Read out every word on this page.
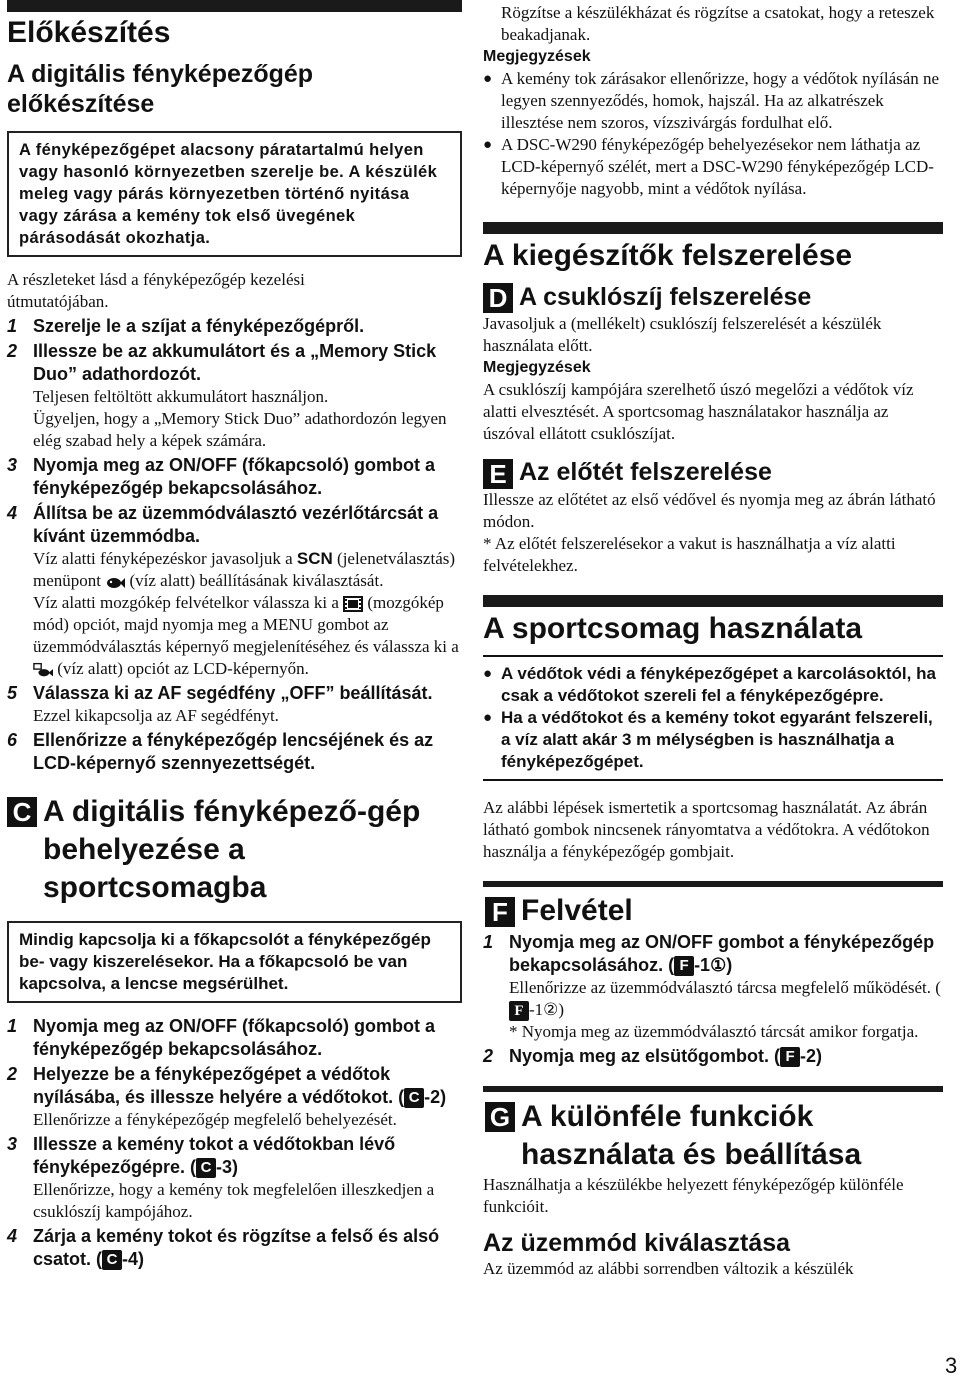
Előkészítés
A digitális fényképezőgép előkészítése
A fényképezőgépet alacsony páratartalmú helyen vagy hasonló környezetben szerelje be. A készülék meleg vagy párás környezetben történő nyitása vagy zárása a kemény tok első üvegének párásodását okozhatja.
A részleteket lásd a fényképezőgép kezelési útmutatójában.
1 Szerelje le a szíjat a fényképezőgépről.
2 Illessze be az akkumulátort és a „Memory Stick Duo” adathordozót.
Teljesen feltöltött akkumulátort használjon.
Ügyeljen, hogy a „Memory Stick Duo” adathordozón legyen elég szabad hely a képek számára.
3 Nyomja meg az ON/OFF (főkapcsoló) gombot a fényképezőgép bekapcsolásához.
4 Állítsa be az üzemmódválasztó vezérlőtárcsát a kívánt üzemmódba.
Víz alatti fényképezéskor javasoljuk a SCN (jelenetválasztás) menüpont (víz alatt) beállításának kiválasztását.
Víz alatti mozgókép felvételkor válassza ki a (mozgókép mód) opciót, majd nyomja meg a MENU gombot az üzemmódválasztás képernyő megjelenítéséhez és válassza ki a  (víz alatt) opciót az LCD-képernyőn.
5 Válassza ki az AF segédfény „OFF” beállítását.
Ezzel kikapcsolja az AF segédfényt.
6 Ellenőrizze a fényképezőgép lencséjének és az LCD-képernyő szennyezettségét.
C A digitális fényképező-gép behelyezése a sportcsomagba
Mindig kapcsolja ki a főkapcsolót a fényképezőgép be- vagy kiszerelésekor. Ha a főkapcsoló be van kapcsolva, a lencse megsérülhet.
1 Nyomja meg az ON/OFF (főkapcsoló) gombot a fényképezőgép bekapcsolásához.
2 Helyezze be a fényképezőgépet a védőtok nyílásába, és illessze helyére a védőtokot. ( C -2)
Ellenőrizze a fényképezőgép megfelelő behelyezését.
3 Illessze a kemény tokot a védőtokban lévő fényképezőgépre. ( C -3)
Ellenőrizze, hogy a kemény tok megfelelően illeszkedjen a csuklószíj kampójához.
4 Zárja a kemény tokot és rögzítse a felső és alsó csatot. ( C -4)
Rögzítse a készülékházat és rögzítse a csatokat, hogy a reteszek beakadjanak.
Megjegyzések
● A kemény tok zárásakor ellenőrizze, hogy a védőtok nyílásán ne legyen szennyeződés, homok, hajszál. Ha az alkatrészek illesztése nem szoros, vízszivárgás fordulhat elő.
● A DSC-W290 fényképezőgép behelyezésekor nem láthatja az LCD-képernyő szélét, mert a DSC-W290 fényképezőgép LCD-képernyője nagyobb, mint a védőtok nyílása.
A kiegészítők felszerelése
D A csuklószíj felszerelése
Javasoljuk a (mellékelt) csuklószíj felszerelését a készülék használata előtt.
Megjegyzések
A csuklószíj kampójára szerelhető úszó megelőzi a védőtok víz alatti elvesztését. A sportcsomag használatakor használja az úszóval ellátott csuklószíjat.
E Az előtét felszerelése
Illessze az előtétet az első védővel és nyomja meg az ábrán látható módon.
* Az előtét felszerelésekor a vakut is használhatja a víz alatti felvételekhez.
A sportcsomag használata
● A védőtok védi a fényképezőgépet a karcolásoktól, ha csak a védőtokot szereli fel a fényképezőgépre.
● Ha a védőtokot és a kemény tokot egyaránt felszereli, a víz alatt akár 3 m mélységben is használhatja a fényképezőgépet.
Az alábbi lépések ismertetik a sportcsomag használatát. Az ábrán látható gombok nincsenek rányomtatva a védőtokra. A védőtokon használja a fényképezőgép gombjait.
F Felvétel
1 Nyomja meg az ON/OFF gombot a fényképezőgép bekapcsolásához. ( F -1①)
Ellenőrizze az üzemmódválasztó tárcsa megfelelő működését. (F -1②)
* Nyomja meg az üzemmódválasztó tárcsát amikor forgatja.
2 Nyomja meg az elsütőgombot. ( F -2)
G A különféle funkciók használata és beállítása
Használhatja a készülékbe helyezett fényképezőgép különféle funkcióit.
Az üzemmód kiválasztása
Az üzemmód az alábbi sorrendben változik a készülék
3
